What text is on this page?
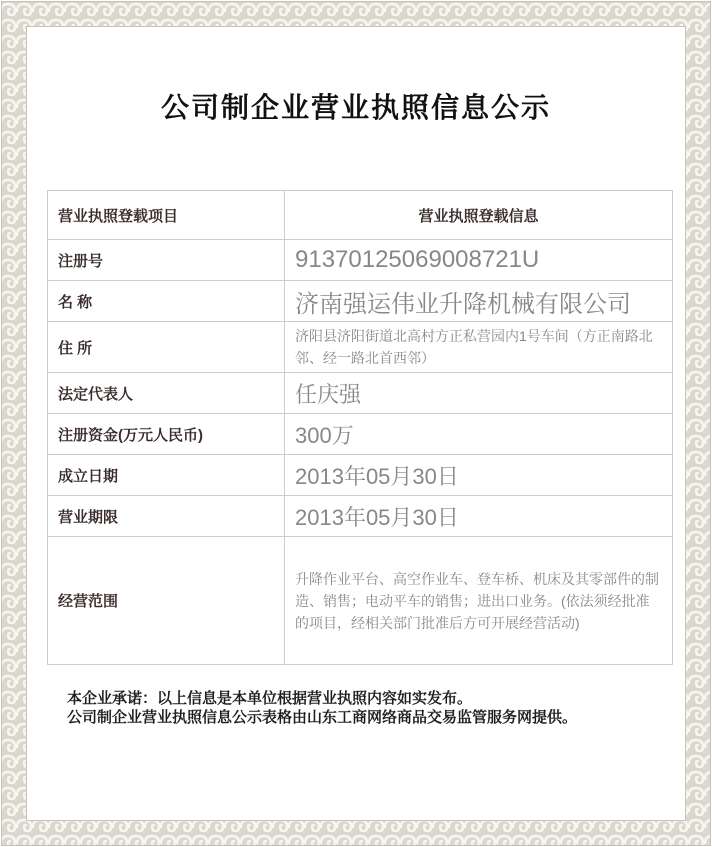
公司制企业营业执照信息公示
营业执照登载项目	营业执照登载信息
注册号	91370125069008721U
名 称	济南强运伟业升降机械有限公司
住 所	济阳县济阳街道北高村方正私营园内1号车间（方正南路北邻、经一路北首西邻）
法定代表人	任庆强
注册资金(万元人民币)	300万
成立日期	2013年05月30日
营业期限	2013年05月30日
经营范围	升降作业平台、高空作业车、登车桥、机床及其零部件的制造、销售；电动平车的销售；进出口业务。(依法须经批准的项目，经相关部门批准后方可开展经营活动)
本企业承诺：以上信息是本单位根据营业执照内容如实发布。
公司制企业营业执照信息公示表格由山东工商网络商品交易监管服务网提供。
